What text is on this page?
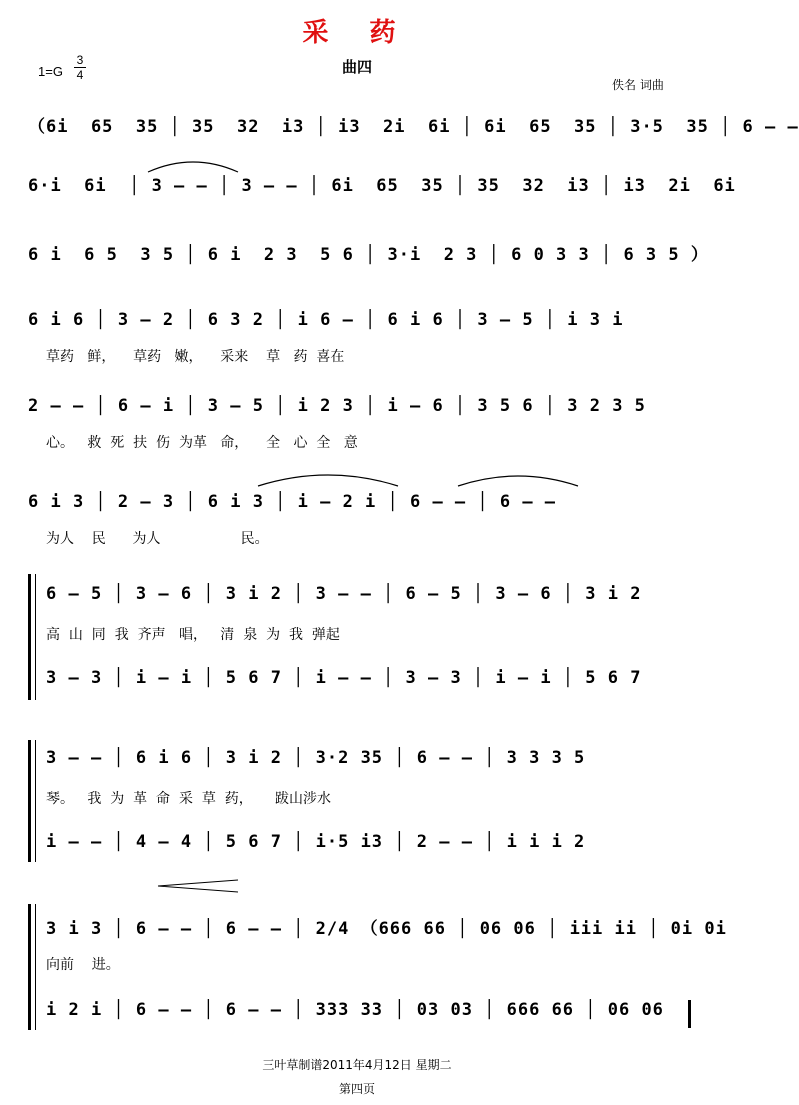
采 药
曲四
1=G
3
4
佚名 词曲
（6i  65  35 │ 35  32  i3 │ i3  2i  6i │ 6i  65  35 │ 3·5  35 │ 6 – –
6·i  6i  │ 3 – – │ 3 – – │ 6i  65  35 │ 35  32  i3 │ i3  2i  6i
6 i  6 5  3 5 │ 6 i  2 3  5 6 │ 3·i  2 3 │ 6 0 3 3 │ 6 3 5 ）
6 i 6 │ 3 – 2 │ 6 3 2 │ i 6 – │ 6 i 6 │ 3 – 5 │ i 3 i
草药   鲜，    草药   嫩，    采来    草   药  喜在
2 – – │ 6 – i │ 3 – 5 │ i 2 3 │ i – 6 │ 3 5 6 │ 3 2 3 5
心。   救  死  扶  伤  为革   命，    全   心  全   意
6 i 3 │ 2 – 3 │ 6 i 3 │ i – 2 i │ 6 – – │ 6 – –
为人    民      为人                  民。
6 – 5 │ 3 – 6 │ 3 i 2 │ 3 – – │ 6 – 5 │ 3 – 6 │ 3 i 2
高  山  同  我  齐声   唱，   清  泉  为  我  弹起
3 – 3 │ i – i │ 5 6 7 │ i – – │ 3 – 3 │ i – i │ 5 6 7
3 – – │ 6 i 6 │ 3 i 2 │ 3·2 35 │ 6 – – │ 3 3 3 5
琴。   我  为  革  命  采  草  药，     跋山涉水
i – – │ 4 – 4 │ 5 6 7 │ i·5 i3 │ 2 – – │ i i i 2
3 i 3 │ 6 – – │ 6 – – │ 2/4 （666 66 │ 06 06 │ iii ii │ 0i 0i
向前    进。
i 2 i │ 6 – – │ 6 – – │ 333 33 │ 03 03 │ 666 66 │ 06 06
三叶草制谱2011年4月12日 星期二
第四页
